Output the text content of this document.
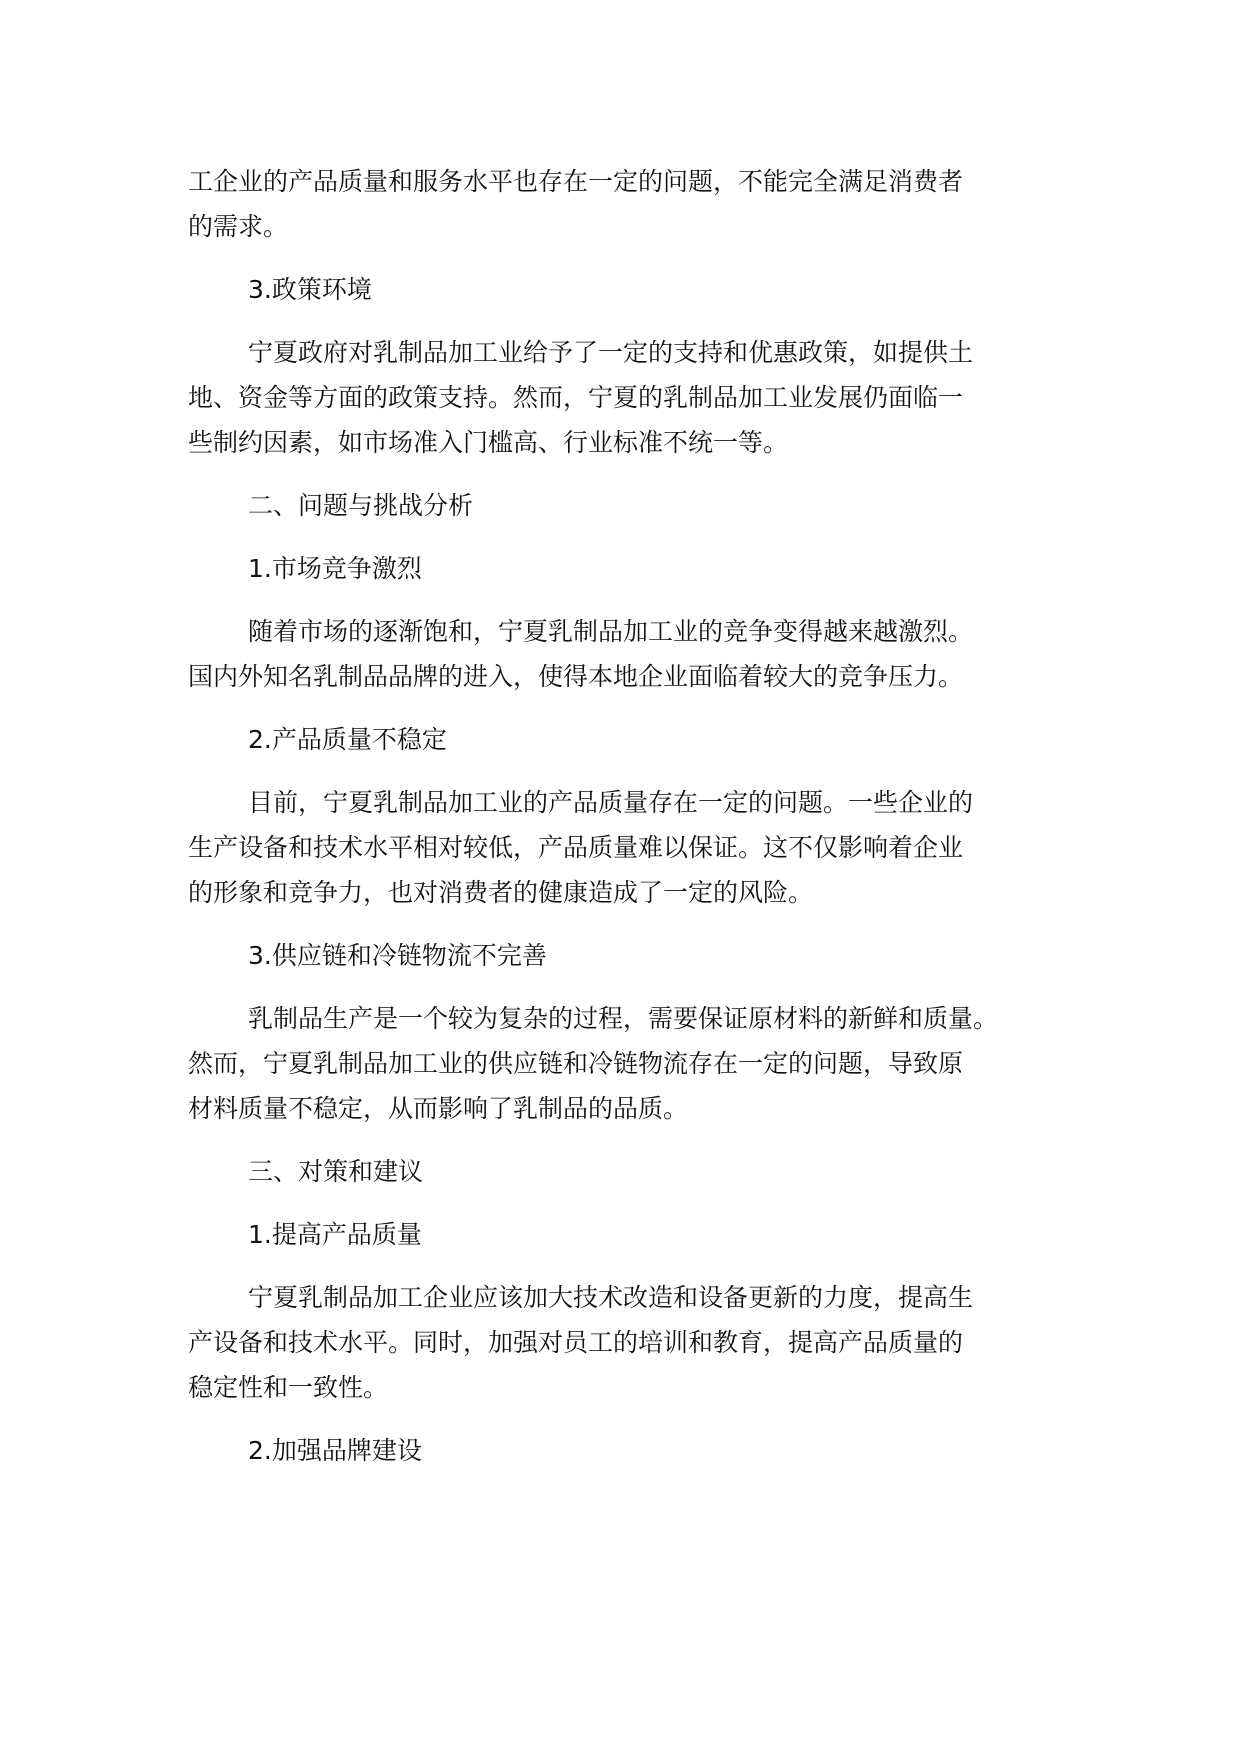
工企业的产品质量和服务水平也存在一定的问题，不能完全满足消费者
的需求。
3.政策环境
宁夏政府对乳制品加工业给予了一定的支持和优惠政策，如提供土
地、资金等方面的政策支持。然而，宁夏的乳制品加工业发展仍面临一
些制约因素，如市场准入门槛高、行业标准不统一等。
二、问题与挑战分析
1.市场竞争激烈
随着市场的逐渐饱和，宁夏乳制品加工业的竞争变得越来越激烈。
国内外知名乳制品品牌的进入，使得本地企业面临着较大的竞争压力。
2.产品质量不稳定
目前，宁夏乳制品加工业的产品质量存在一定的问题。一些企业的
生产设备和技术水平相对较低，产品质量难以保证。这不仅影响着企业
的形象和竞争力，也对消费者的健康造成了一定的风险。
3.供应链和冷链物流不完善
乳制品生产是一个较为复杂的过程，需要保证原材料的新鲜和质量。
然而，宁夏乳制品加工业的供应链和冷链物流存在一定的问题，导致原
材料质量不稳定，从而影响了乳制品的品质。
三、对策和建议
1.提高产品质量
宁夏乳制品加工企业应该加大技术改造和设备更新的力度，提高生
产设备和技术水平。同时，加强对员工的培训和教育，提高产品质量的
稳定性和一致性。
2.加强品牌建设
